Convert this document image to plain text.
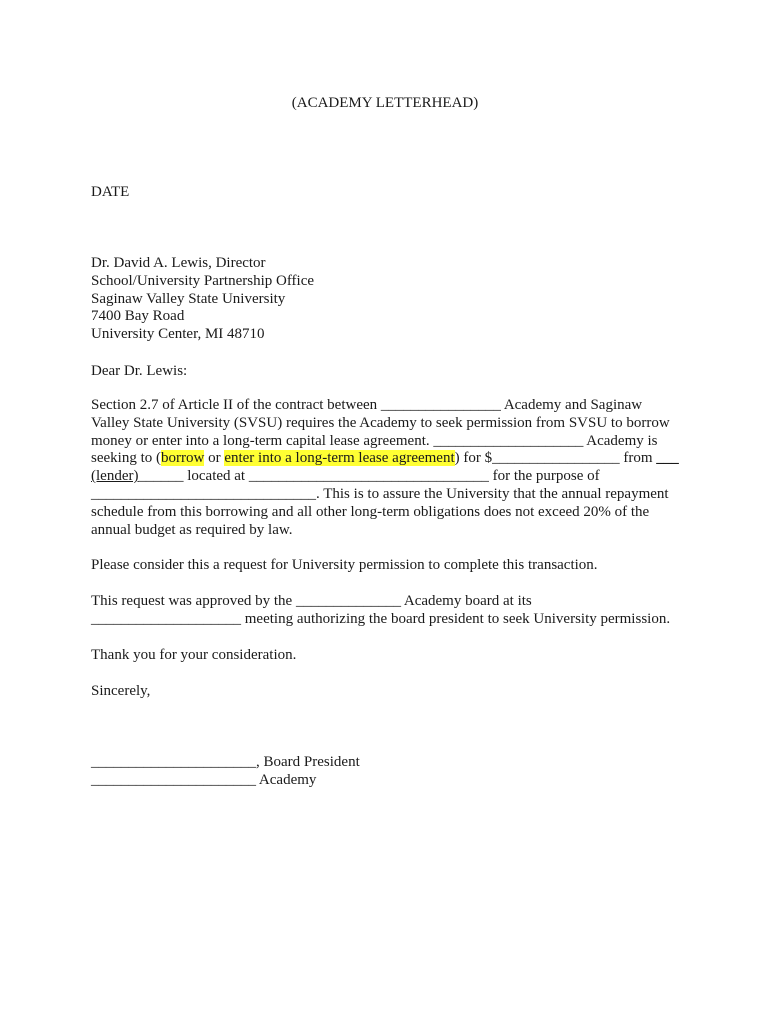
(ACADEMY LETTERHEAD)
DATE
Dr. David A. Lewis, Director
School/University Partnership Office
Saginaw Valley State University
7400 Bay Road
University Center, MI 48710
Dear Dr. Lewis:
Section 2.7 of Article II of the contract between ________________ Academy and Saginaw
Valley State University (SVSU) requires the Academy to seek permission from SVSU to borrow
money or enter into a long-term capital lease agreement. ____________________ Academy is
seeking to (borrow or enter into a long-term lease agreement) for $_________________ from ___
(lender)______ located at ________________________________ for the purpose of
______________________________. This is to assure the University that the annual repayment
schedule from this borrowing and all other long-term obligations does not exceed 20% of the
annual budget as required by law.
Please consider this a request for University permission to complete this transaction.
This request was approved by the ______________ Academy board at its
____________________ meeting authorizing the board president to seek University permission.
Thank you for your consideration.
Sincerely,
______________________, Board President
______________________ Academy
